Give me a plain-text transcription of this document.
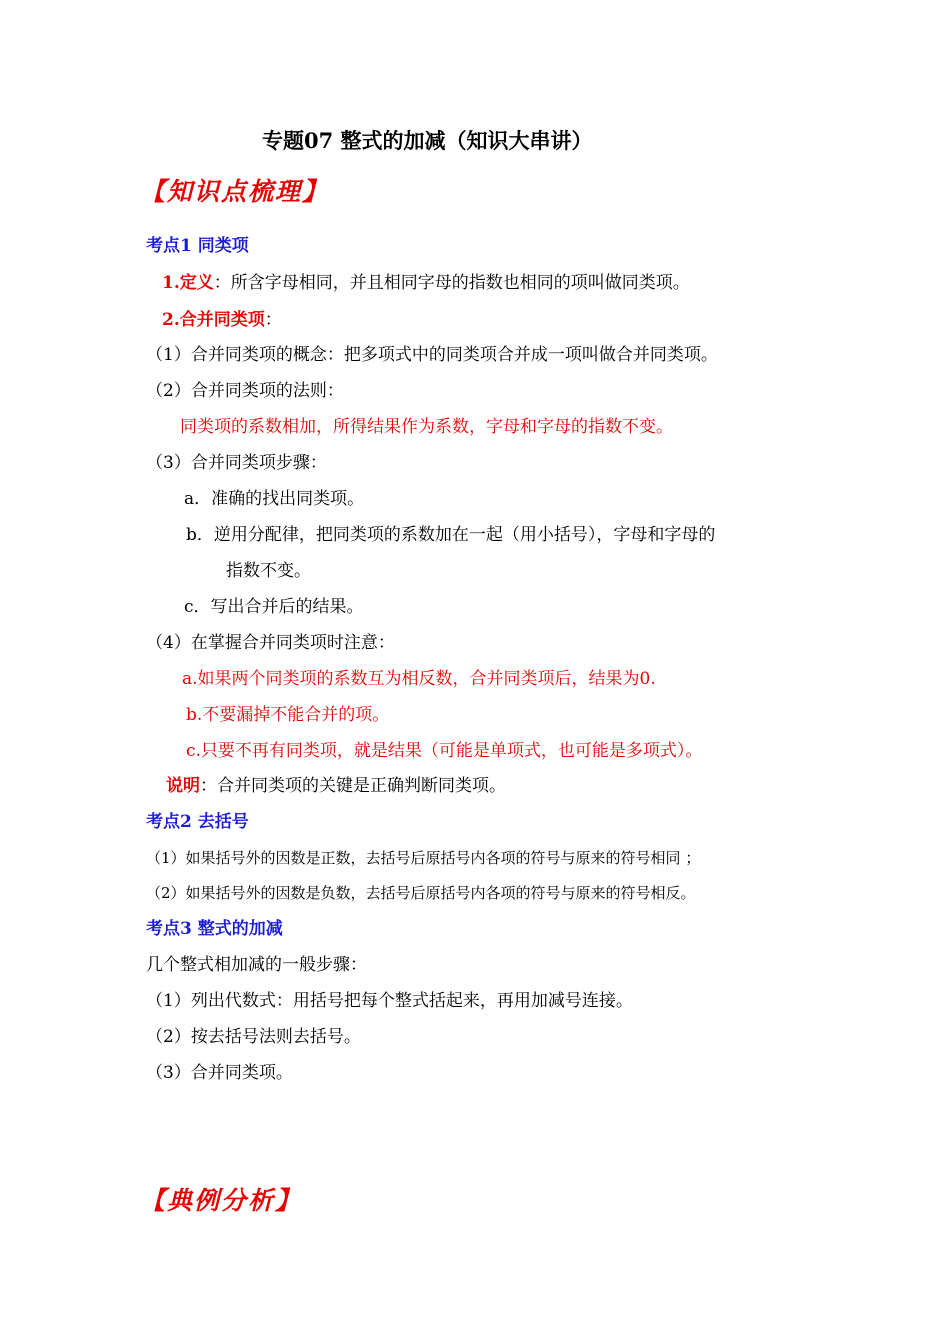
专题07 整式的加减（知识大串讲）
【知识点梳理】
考点1 同类项
1.定义：所含字母相同，并且相同字母的指数也相同的项叫做同类项。
2.合并同类项：
（1）合并同类项的概念：把多项式中的同类项合并成一项叫做合并同类项。
（2）合并同类项的法则：
同类项的系数相加，所得结果作为系数，字母和字母的指数不变。
（3）合并同类项步骤：
a．准确的找出同类项。
b．逆用分配律，把同类项的系数加在一起（用小括号），字母和字母的
指数不变。
c．写出合并后的结果。
（4）在掌握合并同类项时注意：
a.如果两个同类项的系数互为相反数，合并同类项后，结果为0.
b.不要漏掉不能合并的项。
c.只要不再有同类项，就是结果（可能是单项式，也可能是多项式）。
说明：合并同类项的关键是正确判断同类项。
考点2 去括号
（1）如果括号外的因数是正数，去括号后原括号内各项的符号与原来的符号相同 ；
（2）如果括号外的因数是负数，去括号后原括号内各项的符号与原来的符号相反。
考点3 整式的加减
几个整式相加减的一般步骤：
（1）列出代数式：用括号把每个整式括起来，再用加减号连接。
（2）按去括号法则去括号。
（3）合并同类项。
【典例分析】
